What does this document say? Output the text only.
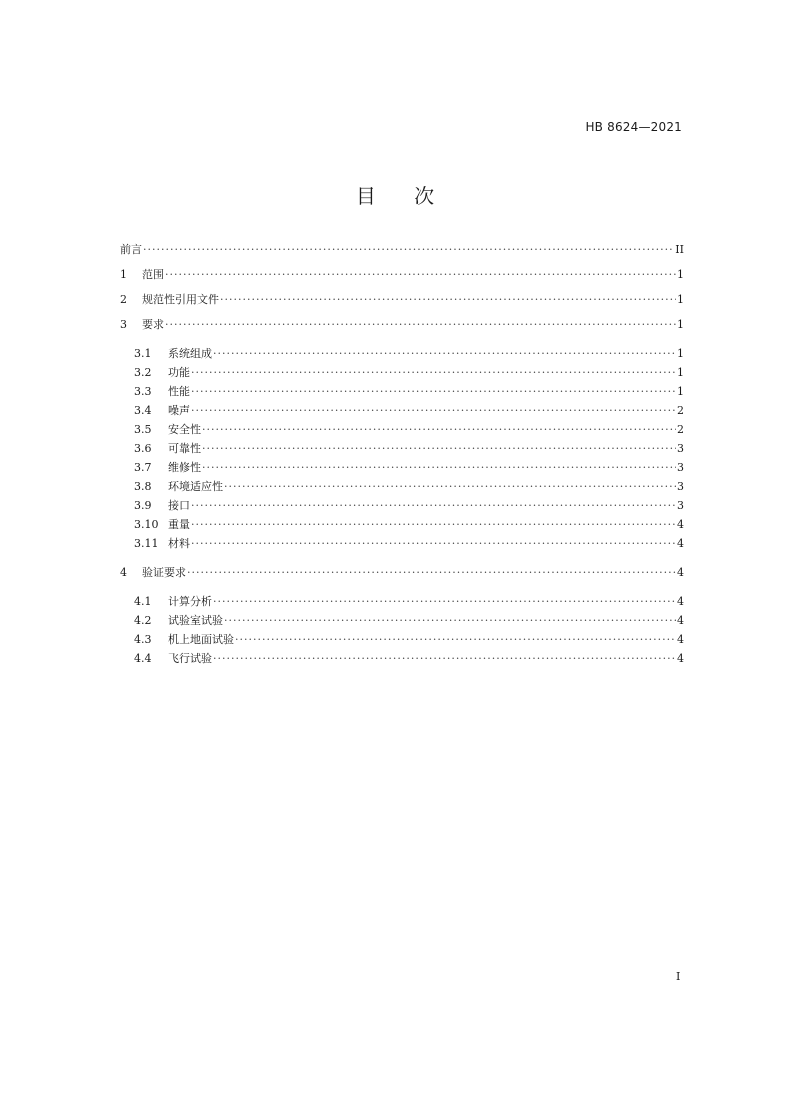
HB 8624—2021
目 次
前言 ·····	II
1	范围 ·····	1
2	规范性引用文件 ·····	1
3	要求 ·····	1
3.1	系统组成 ·····	1
3.2	功能 ·····	1
3.3	性能 ·····	1
3.4	噪声 ·····	2
3.5	安全性 ·····	2
3.6	可靠性 ·····	3
3.7	维修性 ·····	3
3.8	环境适应性 ·····	3
3.9	接口 ·····	3
3.10 重量 ·····	4
3.11 材料 ·····	4
4	验证要求 ·····	4
4.1	计算分析 ·····	4
4.2	试验室试验 ·····	4
4.3	机上地面试验 ·····	4
4.4	飞行试验 ·····	4
I
